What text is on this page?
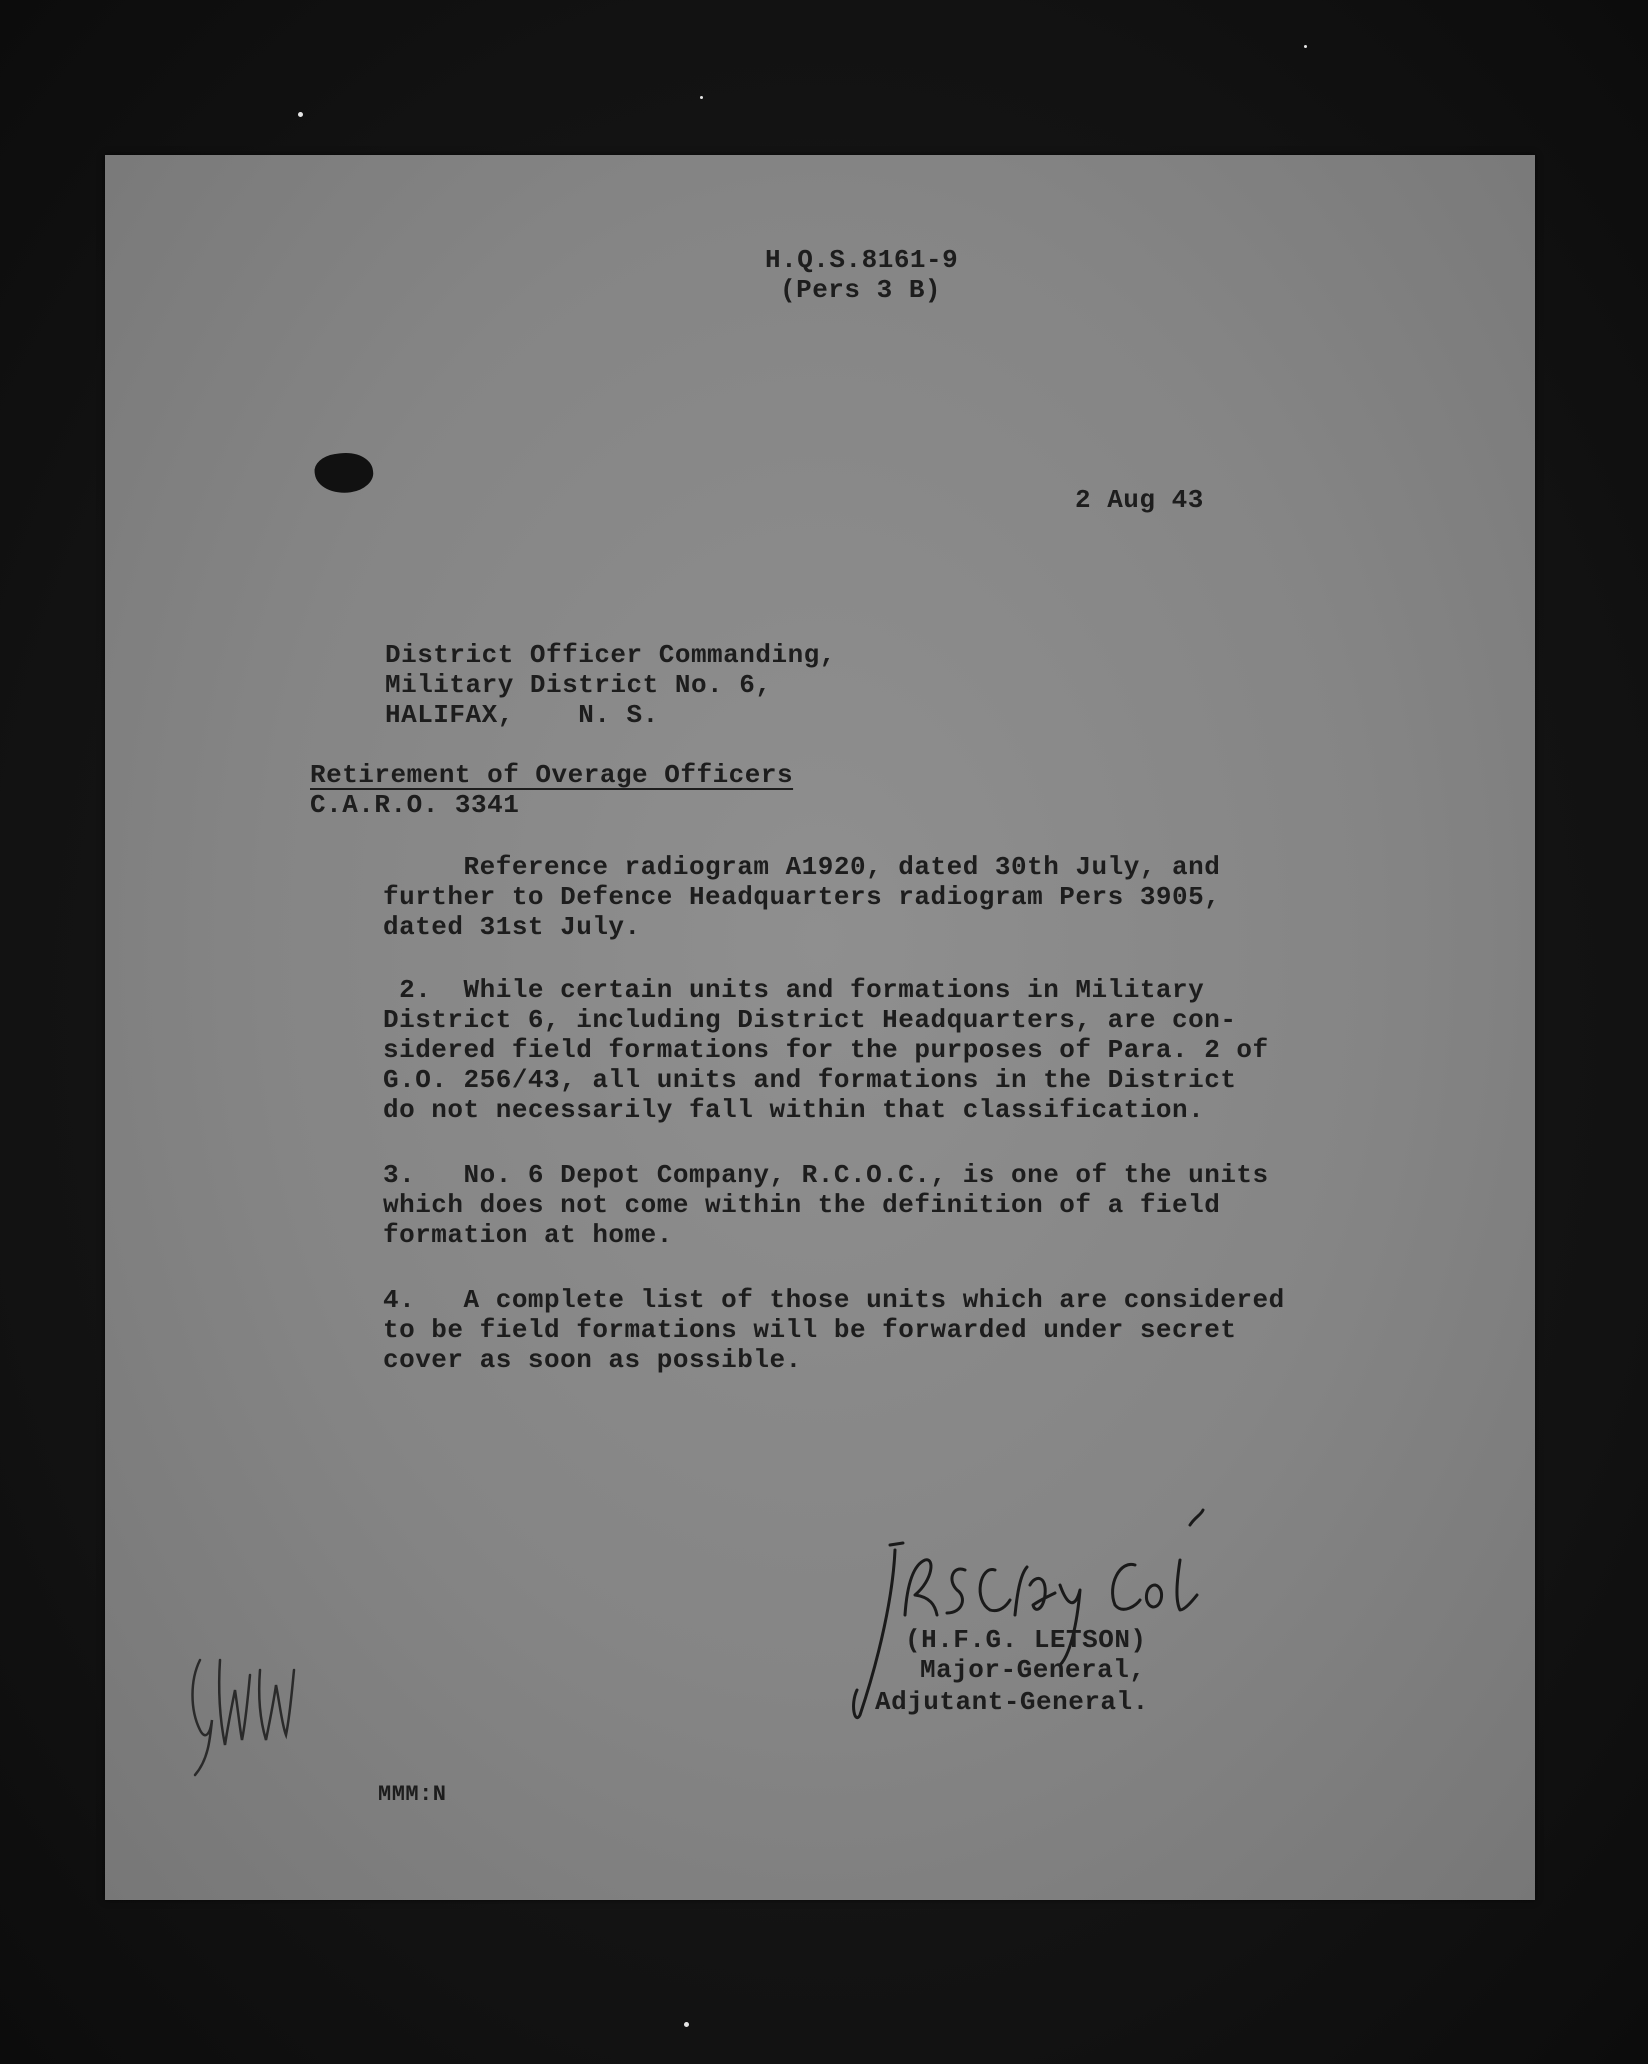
H.Q.S.8161-9
(Pers 3 B)
2 Aug 43
District Officer Commanding,
Military District No. 6,
HALIFAX,    N. S.
Retirement of Overage Officers
C.A.R.O. 3341
Reference radiogram A1920, dated 30th July, and
further to Defence Headquarters radiogram Pers 3905,
dated 31st July.
2.  While certain units and formations in Military
District 6, including District Headquarters, are con-
sidered field formations for the purposes of Para. 2 of
G.O. 256/43, all units and formations in the District
do not necessarily fall within that classification.
3.   No. 6 Depot Company, R.C.O.C., is one of the units
which does not come within the definition of a field
formation at home.
4.   A complete list of those units which are considered
to be field formations will be forwarded under secret
cover as soon as possible.
(H.F.G. LETSON)
Major-General,
Adjutant-General.
MMM:N
